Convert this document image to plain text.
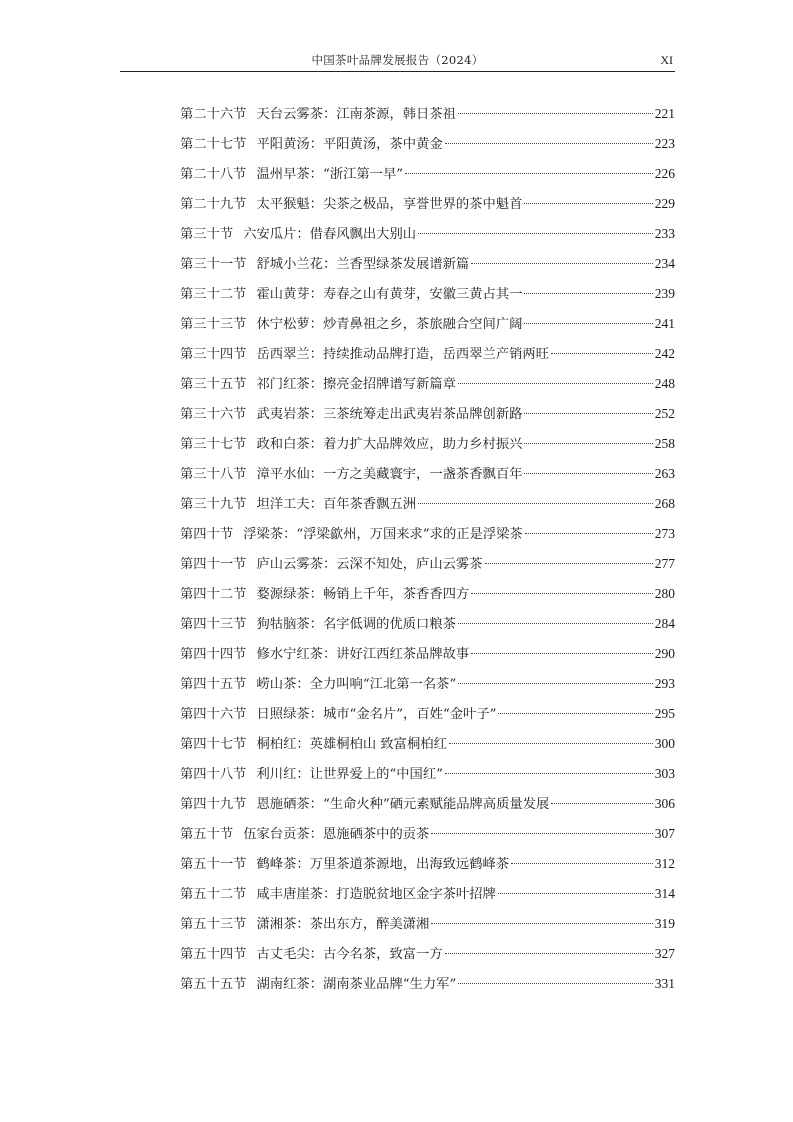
中国茶叶品牌发展报告（2024）	XI
第二十六节 天台云雾茶：江南茶源，韩日茶祖	221
第二十七节 平阳黄汤：平阳黄汤，茶中黄金	223
第二十八节 温州早茶：“浙江第一早”	226
第二十九节 太平猴魁：尖茶之极品，享誉世界的茶中魁首	229
第三十节 六安瓜片：借春风飘出大别山	233
第三十一节 舒城小兰花：兰香型绿茶发展谱新篇	234
第三十二节 霍山黄芽：寿春之山有黄芽，安徽三黄占其一	239
第三十三节 休宁松萝：炒青鼻祖之乡，茶旅融合空间广阔	241
第三十四节 岳西翠兰：持续推动品牌打造，岳西翠兰产销两旺	242
第三十五节 祁门红茶：擦亮金招牌谱写新篇章	248
第三十六节 武夷岩茶：三茶统筹走出武夷岩茶品牌创新路	252
第三十七节 政和白茶：着力扩大品牌效应，助力乡村振兴	258
第三十八节 漳平水仙：一方之美藏寰宇，一盏茶香飘百年	263
第三十九节 坦洋工夫：百年茶香飘五洲	268
第四十节 浮梁茶：“浮梁歙州，万国来求”求的正是浮梁茶	273
第四十一节 庐山云雾茶：云深不知处，庐山云雾茶	277
第四十二节 婺源绿茶：畅销上千年，茶香香四方	280
第四十三节 狗牯脑茶：名字低调的优质口粮茶	284
第四十四节 修水宁红茶：讲好江西红茶品牌故事	290
第四十五节 崂山茶：全力叫响“江北第一名茶”	293
第四十六节 日照绿茶：城市“金名片”，百姓“金叶子”	295
第四十七节 桐柏红：英雄桐柏山 致富桐柏红	300
第四十八节 利川红：让世界爱上的“中国红”	303
第四十九节 恩施硒茶：“生命火种”硒元素赋能品牌高质量发展	306
第五十节 伍家台贡茶：恩施硒茶中的贡茶	307
第五十一节 鹤峰茶：万里茶道茶源地，出海致远鹤峰茶	312
第五十二节 咸丰唐崖茶：打造脱贫地区金字茶叶招牌	314
第五十三节 潇湘茶：茶出东方，醉美潇湘	319
第五十四节 古丈毛尖：古今名茶，致富一方	327
第五十五节 湖南红茶：湖南茶业品牌“生力军”	331
